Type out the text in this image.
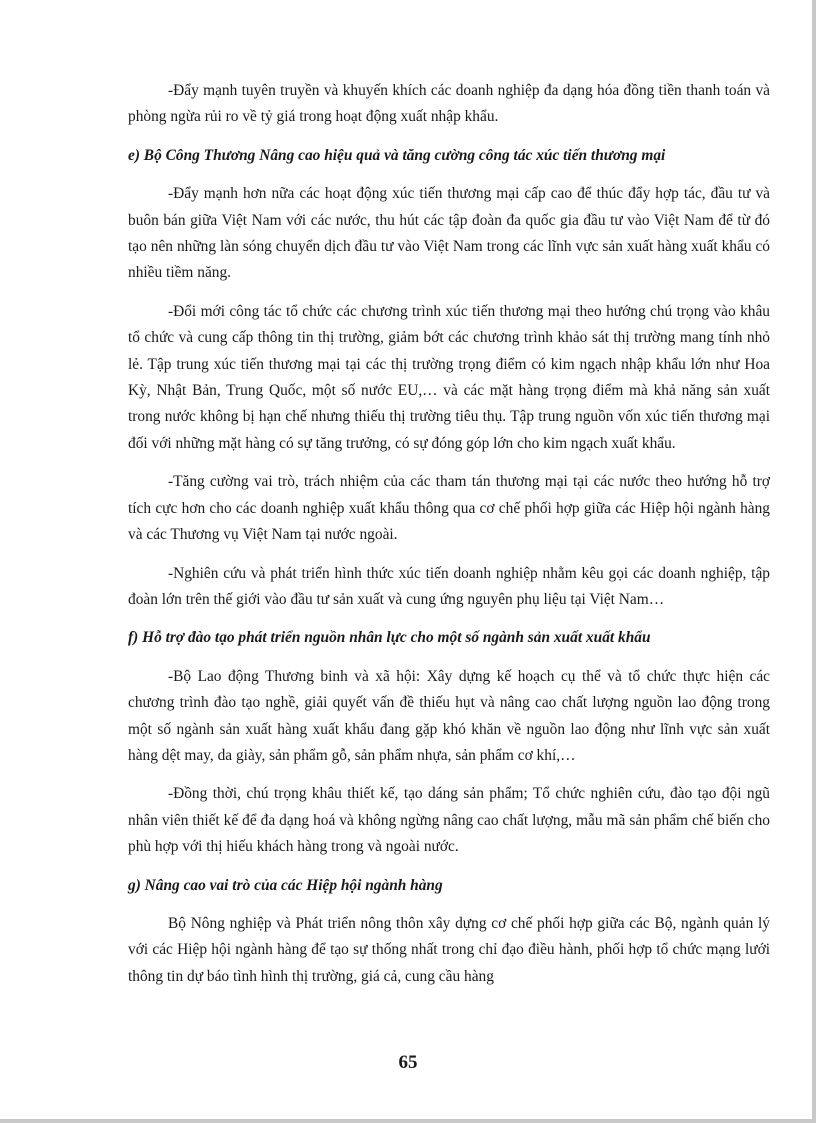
-Đẩy mạnh tuyên truyền và khuyến khích các doanh nghiệp đa dạng hóa đồng tiền thanh toán và phòng ngừa rủi ro về tỷ giá trong hoạt động xuất nhập khẩu.

e) Bộ Công Thương Nâng cao hiệu quả và tăng cường công tác xúc tiến thương mại

-Đẩy mạnh hơn nữa các hoạt động xúc tiến thương mại cấp cao để thúc đẩy hợp tác, đầu tư và buôn bán giữa Việt Nam với các nước, thu hút các tập đoàn đa quốc gia đầu tư vào Việt Nam để từ đó tạo nên những làn sóng chuyển dịch đầu tư vào Việt Nam trong các lĩnh vực sản xuất hàng xuất khẩu có nhiều tiềm năng.

-Đổi mới công tác tổ chức các chương trình xúc tiến thương mại theo hướng chú trọng vào khâu tổ chức và cung cấp thông tin thị trường, giảm bớt các chương trình khảo sát thị trường mang tính nhỏ lẻ. Tập trung xúc tiến thương mại tại các thị trường trọng điểm có kim ngạch nhập khẩu lớn như Hoa Kỳ, Nhật Bản, Trung Quốc, một số nước EU,… và các mặt hàng trọng điểm mà khả năng sản xuất trong nước không bị hạn chế nhưng thiếu thị trường tiêu thụ. Tập trung nguồn vốn xúc tiến thương mại đối với những mặt hàng có sự tăng trưởng, có sự đóng góp lớn cho kim ngạch xuất khẩu.

-Tăng cường vai trò, trách nhiệm của các tham tán thương mại tại các nước theo hướng hỗ trợ tích cực hơn cho các doanh nghiệp xuất khẩu thông qua cơ chế phối hợp giữa các Hiệp hội ngành hàng và các Thương vụ Việt Nam tại nước ngoài.

-Nghiên cứu và phát triển hình thức xúc tiến doanh nghiệp nhằm kêu gọi các doanh nghiệp, tập đoàn lớn trên thế giới vào đầu tư sản xuất và cung ứng nguyên phụ liệu tại Việt Nam…

f) Hỗ trợ đào tạo phát triển nguồn nhân lực cho một số ngành sản xuất xuất khẩu

-Bộ Lao động Thương binh và xã hội: Xây dựng kế hoạch cụ thể và tổ chức thực hiện các chương trình đào tạo nghề, giải quyết vấn đề thiếu hụt và nâng cao chất lượng nguồn lao động trong một số ngành sản xuất hàng xuất khẩu đang gặp khó khăn về nguồn lao động như lĩnh vực sản xuất hàng dệt may, da giày, sản phẩm gỗ, sản phẩm nhựa, sản phẩm cơ khí,…

-Đồng thời, chú trọng khâu thiết kế, tạo dáng sản phẩm; Tổ chức nghiên cứu, đào tạo đội ngũ nhân viên thiết kế để đa dạng hoá và không ngừng nâng cao chất lượng, mẫu mã sản phẩm chế biến cho phù hợp với thị hiếu khách hàng trong và ngoài nước.

g) Nâng cao vai trò của các Hiệp hội ngành hàng

Bộ Nông nghiệp và Phát triển nông thôn xây dựng cơ chế phối hợp giữa các Bộ, ngành quản lý với các Hiệp hội ngành hàng để tạo sự thống nhất trong chỉ đạo điều hành, phối hợp tổ chức mạng lưới thông tin dự báo tình hình thị trường, giá cả, cung cầu hàng

65
